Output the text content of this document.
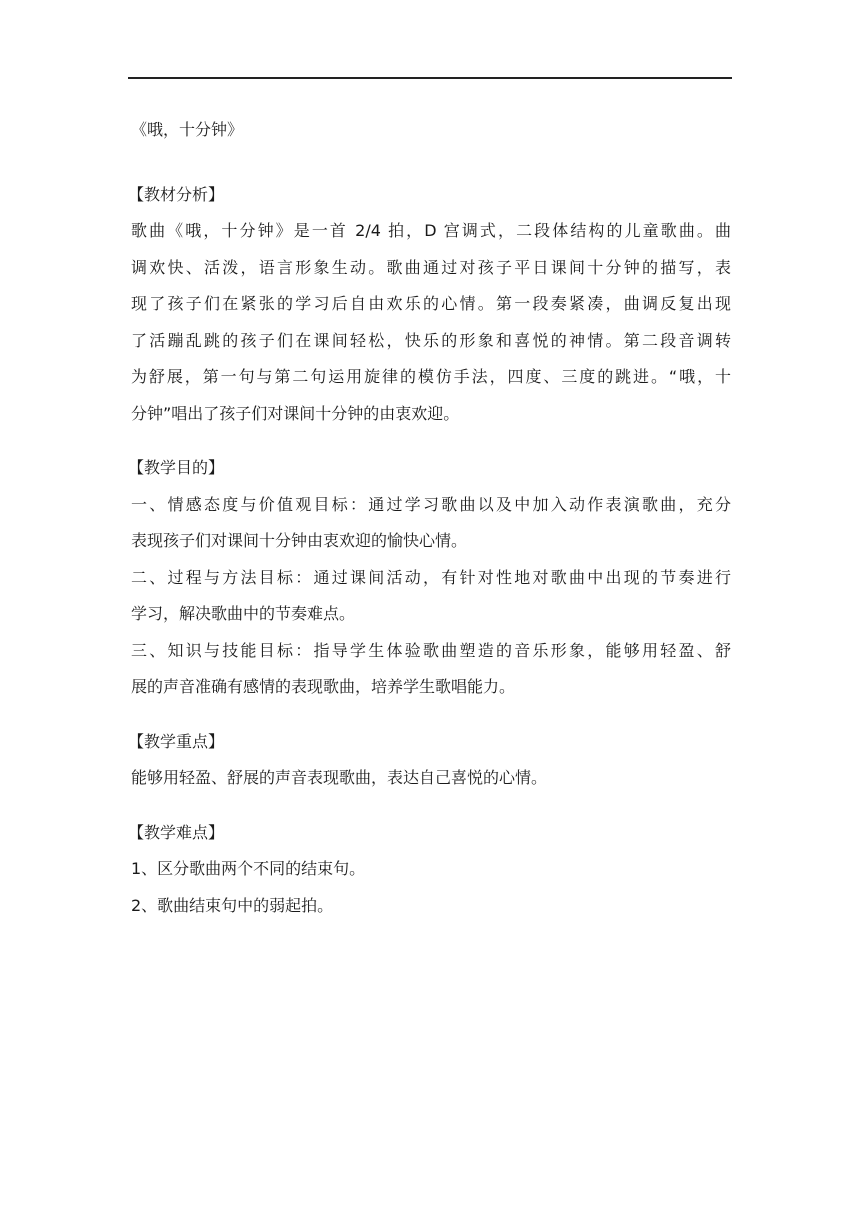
《哦，十分钟》
【教材分析】
歌曲《哦，十分钟》是一首 2/4 拍，D 宫调式，二段体结构的儿童歌曲。曲
调欢快、活泼，语言形象生动。歌曲通过对孩子平日课间十分钟的描写，表
现了孩子们在紧张的学习后自由欢乐的心情。第一段奏紧凑，曲调反复出现
了活蹦乱跳的孩子们在课间轻松，快乐的形象和喜悦的神情。第二段音调转
为舒展，第一句与第二句运用旋律的模仿手法，四度、三度的跳进。“哦，十
分钟”唱出了孩子们对课间十分钟的由衷欢迎。
【教学目的】
一、情感态度与价值观目标：通过学习歌曲以及中加入动作表演歌曲，充分
表现孩子们对课间十分钟由衷欢迎的愉快心情。
二、过程与方法目标：通过课间活动，有针对性地对歌曲中出现的节奏进行
学习，解决歌曲中的节奏难点。
三、知识与技能目标：指导学生体验歌曲塑造的音乐形象，能够用轻盈、舒
展的声音准确有感情的表现歌曲，培养学生歌唱能力。
【教学重点】
能够用轻盈、舒展的声音表现歌曲，表达自己喜悦的心情。
【教学难点】
1、区分歌曲两个不同的结束句。
2、歌曲结束句中的弱起拍。
